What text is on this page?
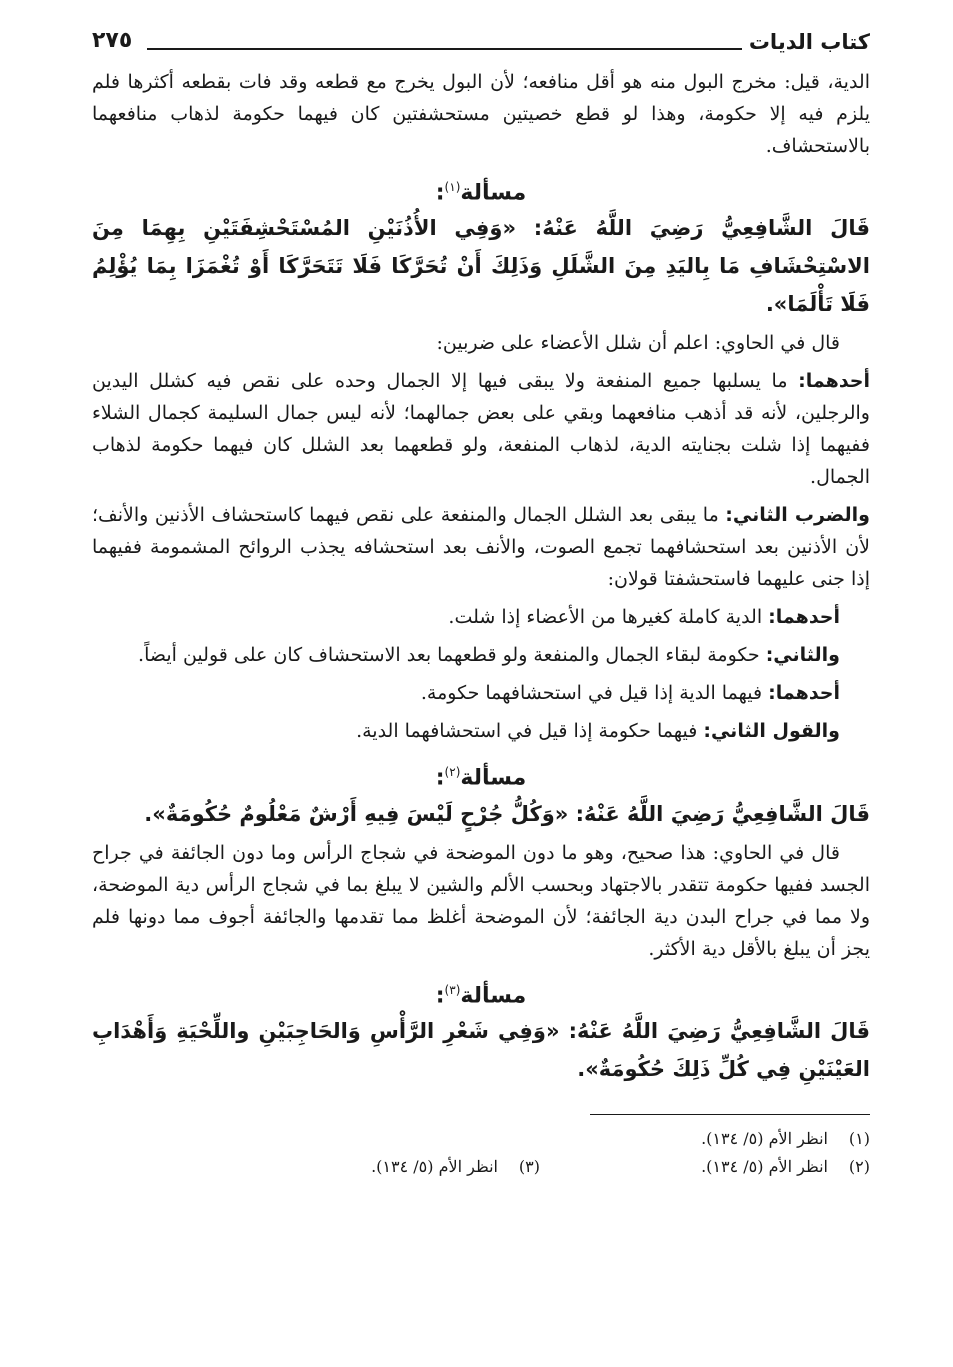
كتاب الديات
٢٧٥

الدية، قيل: مخرج البول منه هو أقل منافعه؛ لأن البول يخرج مع قطعه وقد فات بقطعه أكثرها فلم يلزم فيه إلا حكومة، وهذا لو قطع خصيتين مستحشفتين كان فيهما حكومة لذهاب منافعهما بالاستحشاف.

مسألة$^{(١)}$:

قَالَ الشَّافِعِيُّ رَضِيَ اللَّهُ عَنْهُ: «وَفِي الأُذُنَيْنِ المُسْتَحْشِفَتَيْنِ بِهِمَا مِنَ الاسْتِحْشَافِ مَا بِاليَدِ مِنَ الشَّلَلِ وَذَلِكَ أَنْ تُحَرَّكَا فَلَا تَتَحَرَّكَا أَوْ تُغْمَزَا بِمَا يُؤْلِمُ فَلَا تَأْلَمَا».

قال في الحاوي: اعلم أن شلل الأعضاء على ضربين:

أحدهما: ما يسلبها جميع المنفعة ولا يبقى فيها إلا الجمال وحده على نقص فيه كشلل اليدين والرجلين، لأنه قد أذهب منافعهما وبقي على بعض جمالهما؛ لأنه ليس جمال السليمة كجمال الشلاء ففيهما إذا شلت بجنايته الدية، لذهاب المنفعة، ولو قطعهما بعد الشلل كان فيهما حكومة لذهاب الجمال.

والضرب الثاني: ما يبقى بعد الشلل الجمال والمنفعة على نقص فيهما كاستحشاف الأذنين والأنف؛ لأن الأذنين بعد استحشافهما تجمع الصوت، والأنف بعد استحشافه يجذب الروائح المشمومة ففيهما إذا جنى عليهما فاستحشفتا قولان:

أحدهما: الدية كاملة كغيرها من الأعضاء إذا شلت.

والثاني: حكومة لبقاء الجمال والمنفعة ولو قطعهما بعد الاستحشاف كان على قولين أيضاً.

أحدهما: فيهما الدية إذا قيل في استحشافهما حكومة.

والقول الثاني: فيهما حكومة إذا قيل في استحشافهما الدية.

مسألة$^{(٢)}$:

قَالَ الشَّافِعِيُّ رَضِيَ اللَّهُ عَنْهُ: «وَكُلُّ جُرْحٍ لَيْسَ فِيهِ أَرْشٌ مَعْلُومٌ حُكُومَةٌ».

قال في الحاوي: هذا صحيح، وهو ما دون الموضحة في شجاج الرأس وما دون الجائفة في جراح الجسد ففيها حكومة تتقدر بالاجتهاد وبحسب الألم والشين لا يبلغ بما في شجاج الرأس دية الموضحة، ولا مما في جراح البدن دية الجائفة؛ لأن الموضحة أغلظ مما تقدمها والجائفة أجوف مما دونها فلم يجز أن يبلغ بالأقل دية الأكثر.

مسألة$^{(٣)}$:

قَالَ الشَّافِعِيُّ رَضِيَ اللَّهُ عَنْهُ: «وَفِي شَعْرِ الرَّأْسِ وَالحَاجِبَيْنِ واللِّحْيَةِ وَأَهْدَابِ العَيْنَيْنِ فِي كُلِّ ذَلِكَ حُكُومَةٌ».

(١)انظر الأم (٥/ ١٣٤).
(٢)انظر الأم (٥/ ١٣٤).
(٣)انظر الأم (٥/ ١٣٤).
